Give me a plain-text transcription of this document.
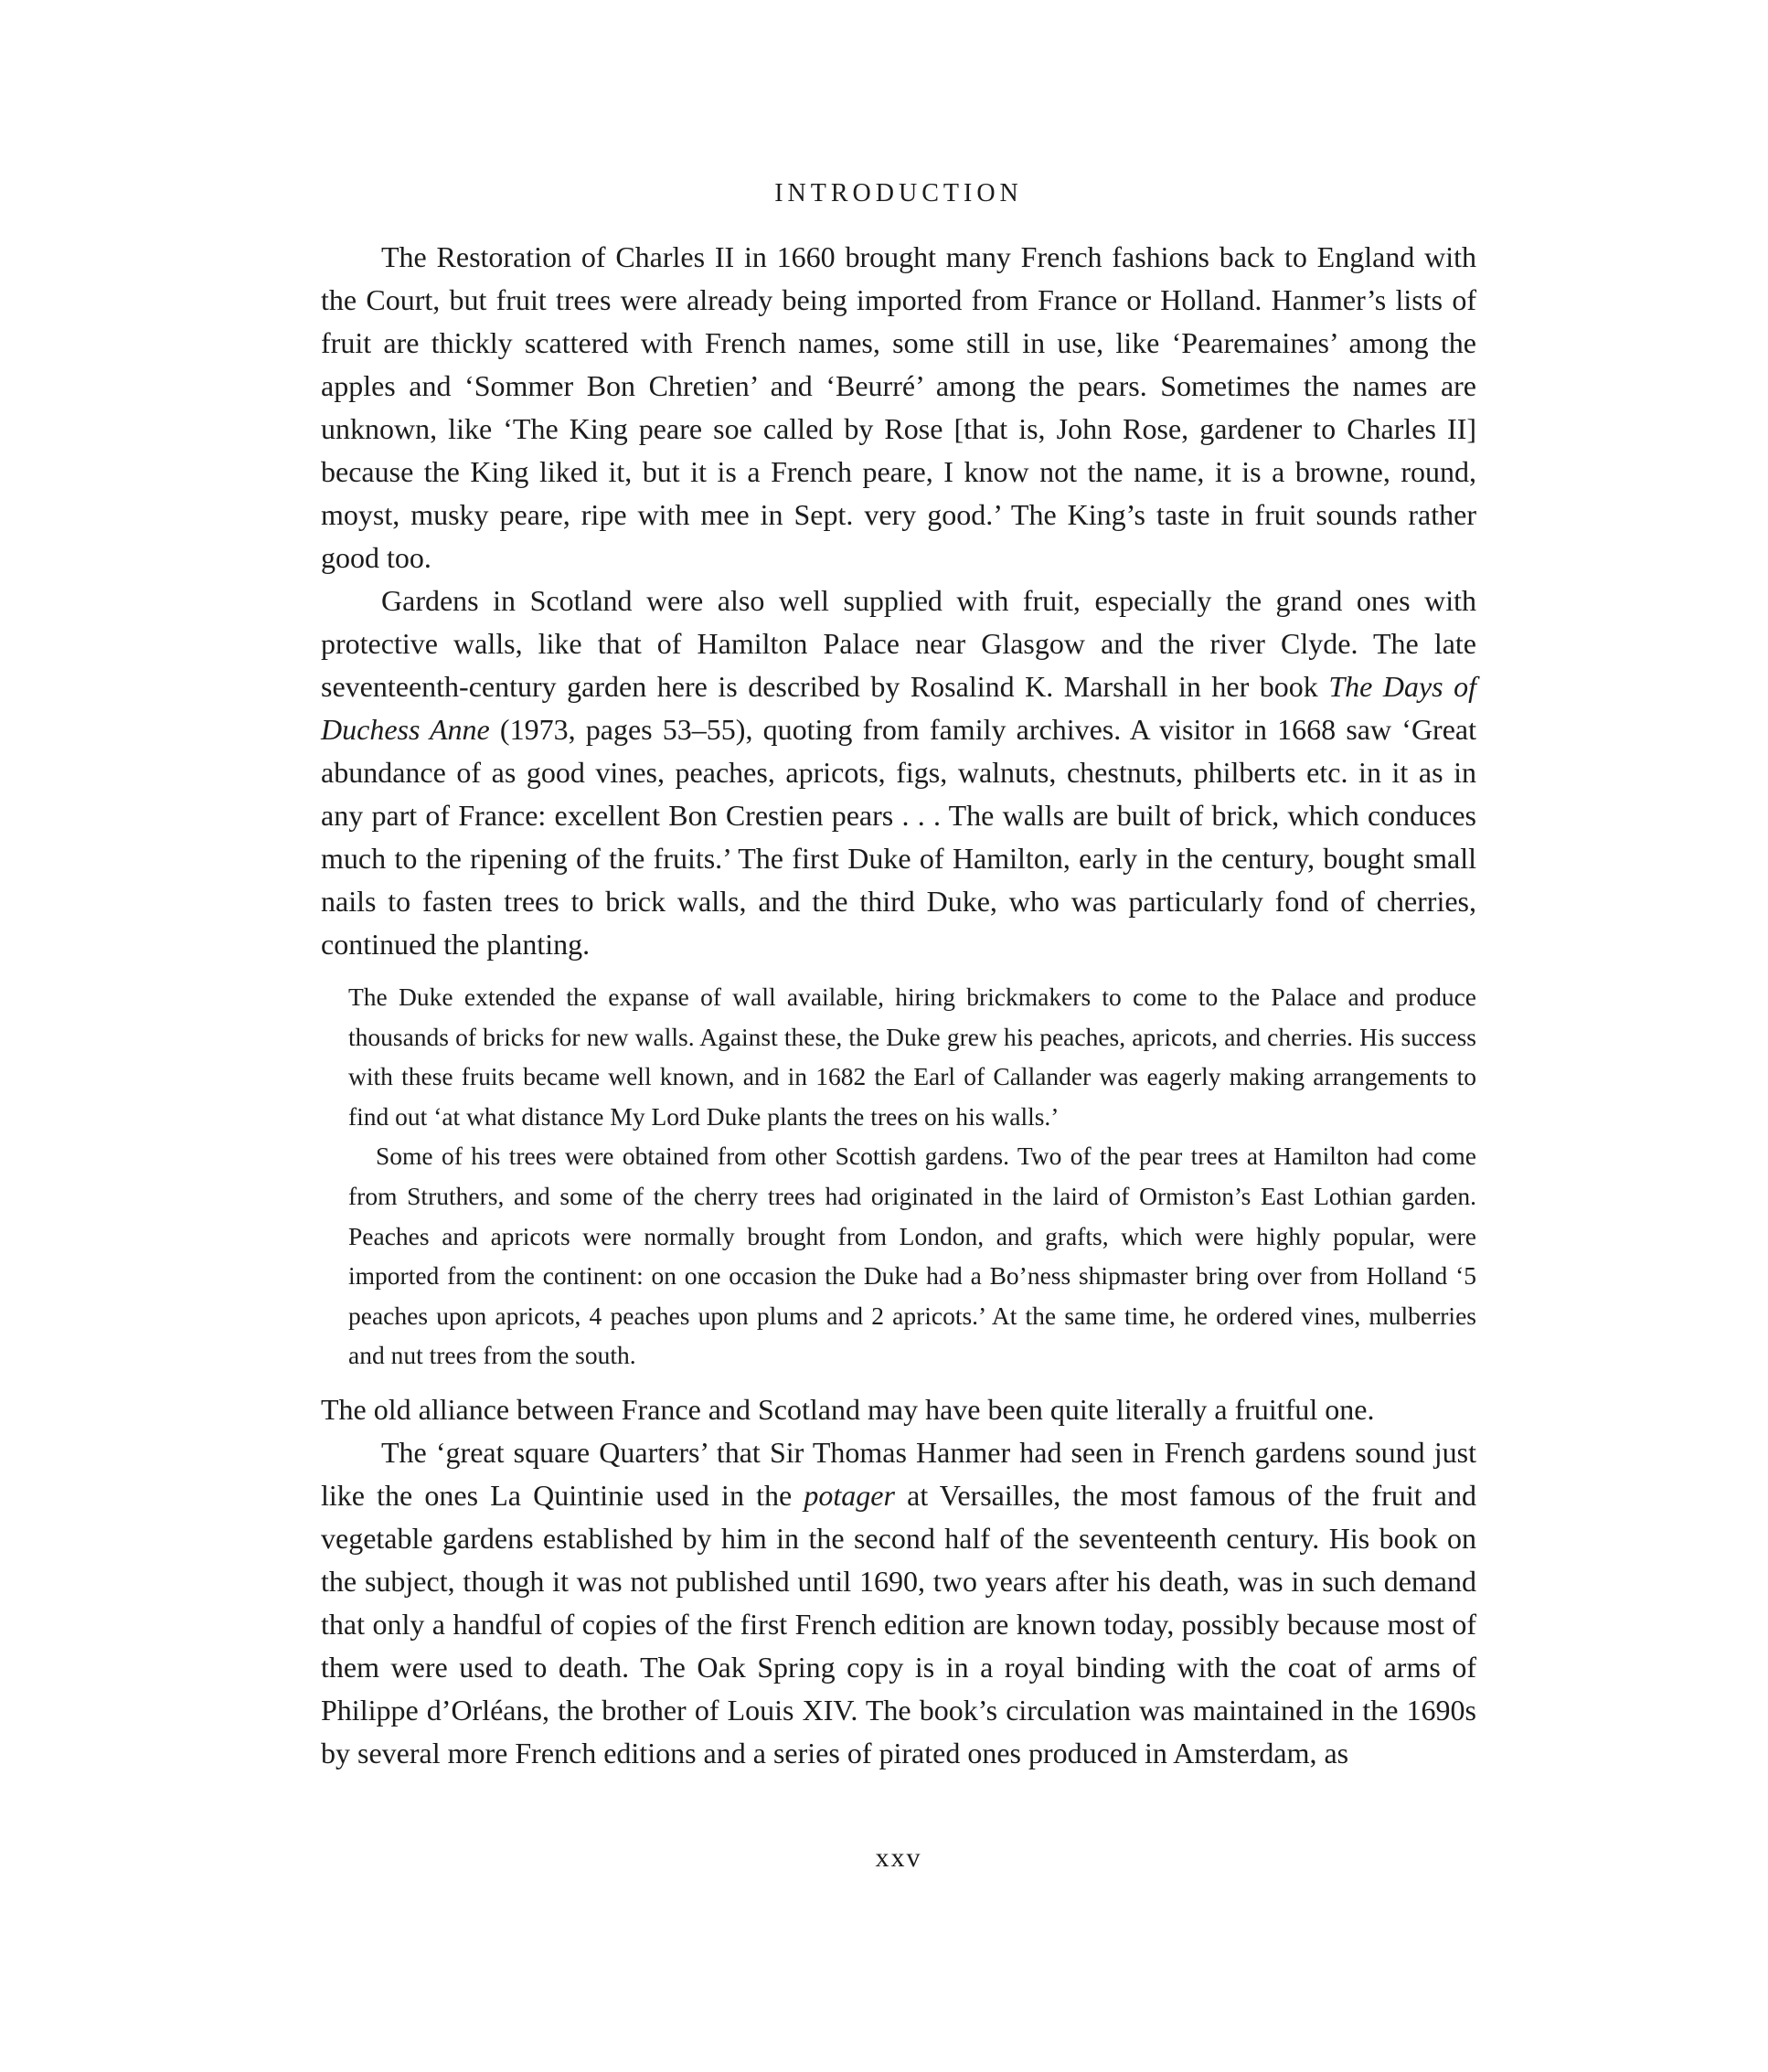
INTRODUCTION

The Restoration of Charles II in 1660 brought many French fashions back to England with the Court, but fruit trees were already being imported from France or Holland. Hanmer’s lists of fruit are thickly scattered with French names, some still in use, like ‘Pearemaines’ among the apples and ‘Sommer Bon Chretien’ and ‘Beurré’ among the pears. Sometimes the names are unknown, like ‘The King peare soe called by Rose [that is, John Rose, gardener to Charles II] because the King liked it, but it is a French peare, I know not the name, it is a browne, round, moyst, musky peare, ripe with mee in Sept. very good.’ The King’s taste in fruit sounds rather good too.

Gardens in Scotland were also well supplied with fruit, especially the grand ones with protective walls, like that of Hamilton Palace near Glasgow and the river Clyde. The late seventeenth-century garden here is described by Rosalind K. Marshall in her book The Days of Duchess Anne (1973, pages 53–55), quoting from family archives. A visitor in 1668 saw ‘Great abundance of as good vines, peaches, apricots, figs, walnuts, chestnuts, philberts etc. in it as in any part of France: excellent Bon Crestien pears . . . The walls are built of brick, which conduces much to the ripening of the fruits.’ The first Duke of Hamilton, early in the century, bought small nails to fasten trees to brick walls, and the third Duke, who was particularly fond of cherries, continued the planting.

The Duke extended the expanse of wall available, hiring brickmakers to come to the Palace and produce thousands of bricks for new walls. Against these, the Duke grew his peaches, apricots, and cherries. His success with these fruits became well known, and in 1682 the Earl of Callander was eagerly making arrangements to find out ‘at what distance My Lord Duke plants the trees on his walls.’

Some of his trees were obtained from other Scottish gardens. Two of the pear trees at Hamilton had come from Struthers, and some of the cherry trees had originated in the laird of Ormiston’s East Lothian garden. Peaches and apricots were normally brought from London, and grafts, which were highly popular, were imported from the continent: on one occasion the Duke had a Bo’ness shipmaster bring over from Holland ‘5 peaches upon apricots, 4 peaches upon plums and 2 apricots.’ At the same time, he ordered vines, mulberries and nut trees from the south.

The old alliance between France and Scotland may have been quite literally a fruitful one.

The ‘great square Quarters’ that Sir Thomas Hanmer had seen in French gardens sound just like the ones La Quintinie used in the potager at Versailles, the most famous of the fruit and vegetable gardens established by him in the second half of the seventeenth century. His book on the subject, though it was not published until 1690, two years after his death, was in such demand that only a handful of copies of the first French edition are known today, possibly because most of them were used to death. The Oak Spring copy is in a royal binding with the coat of arms of Philippe d’Orléans, the brother of Louis XIV. The book’s circulation was maintained in the 1690s by several more French editions and a series of pirated ones produced in Amsterdam, as

xxv
